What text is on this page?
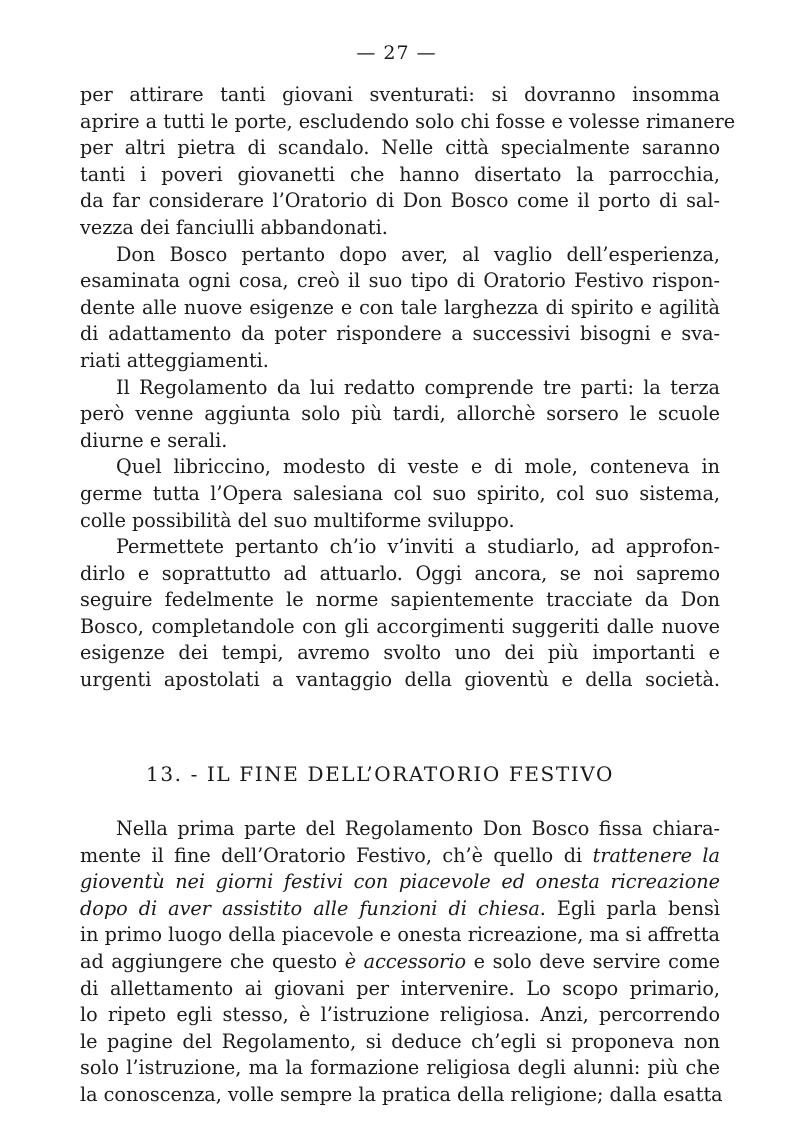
— 27 —
per attirare tanti giovani sventurati: si dovranno insomma
aprire a tutti le porte, escludendo solo chi fosse e volesse rimanere
per altri pietra di scandalo. Nelle città specialmente saranno
tanti i poveri giovanetti che hanno disertato la parrocchia,
da far considerare l’Oratorio di Don Bosco come il porto di sal-
vezza dei fanciulli abbandonati.
Don Bosco pertanto dopo aver, al vaglio dell’esperienza,
esaminata ogni cosa, creò il suo tipo di Oratorio Festivo rispon-
dente alle nuove esigenze e con tale larghezza di spirito e agilità
di adattamento da poter rispondere a successivi bisogni e sva-
riati atteggiamenti.
Il Regolamento da lui redatto comprende tre parti: la terza
però venne aggiunta solo più tardi, allorchè sorsero le scuole
diurne e serali.
Quel libriccino, modesto di veste e di mole, conteneva in
germe tutta l’Opera salesiana col suo spirito, col suo sistema,
colle possibilità del suo multiforme sviluppo.
Permettete pertanto ch’io v’inviti a studiarlo, ad approfon-
dirlo e soprattutto ad attuarlo. Oggi ancora, se noi sapremo
seguire fedelmente le norme sapientemente tracciate da Don
Bosco, completandole con gli accorgimenti suggeriti dalle nuove
esigenze dei tempi, avremo svolto uno dei più importanti e
urgenti apostolati a vantaggio della gioventù e della società.
13. - IL FINE DELL’ORATORIO FESTIVO
Nella prima parte del Regolamento Don Bosco fissa chiara-
mente il fine dell’Oratorio Festivo, ch’è quello di trattenere la
gioventù nei giorni festivi con piacevole ed onesta ricreazione
dopo di aver assistito alle funzioni di chiesa. Egli parla bensì
in primo luogo della piacevole e onesta ricreazione, ma si affretta
ad aggiungere che questo è accessorio e solo deve servire come
di allettamento ai giovani per intervenire. Lo scopo primario,
lo ripeto egli stesso, è l’istruzione religiosa. Anzi, percorrendo
le pagine del Regolamento, si deduce ch’egli si proponeva non
solo l’istruzione, ma la formazione religiosa degli alunni: più che
la conoscenza, volle sempre la pratica della religione; dalla esatta
